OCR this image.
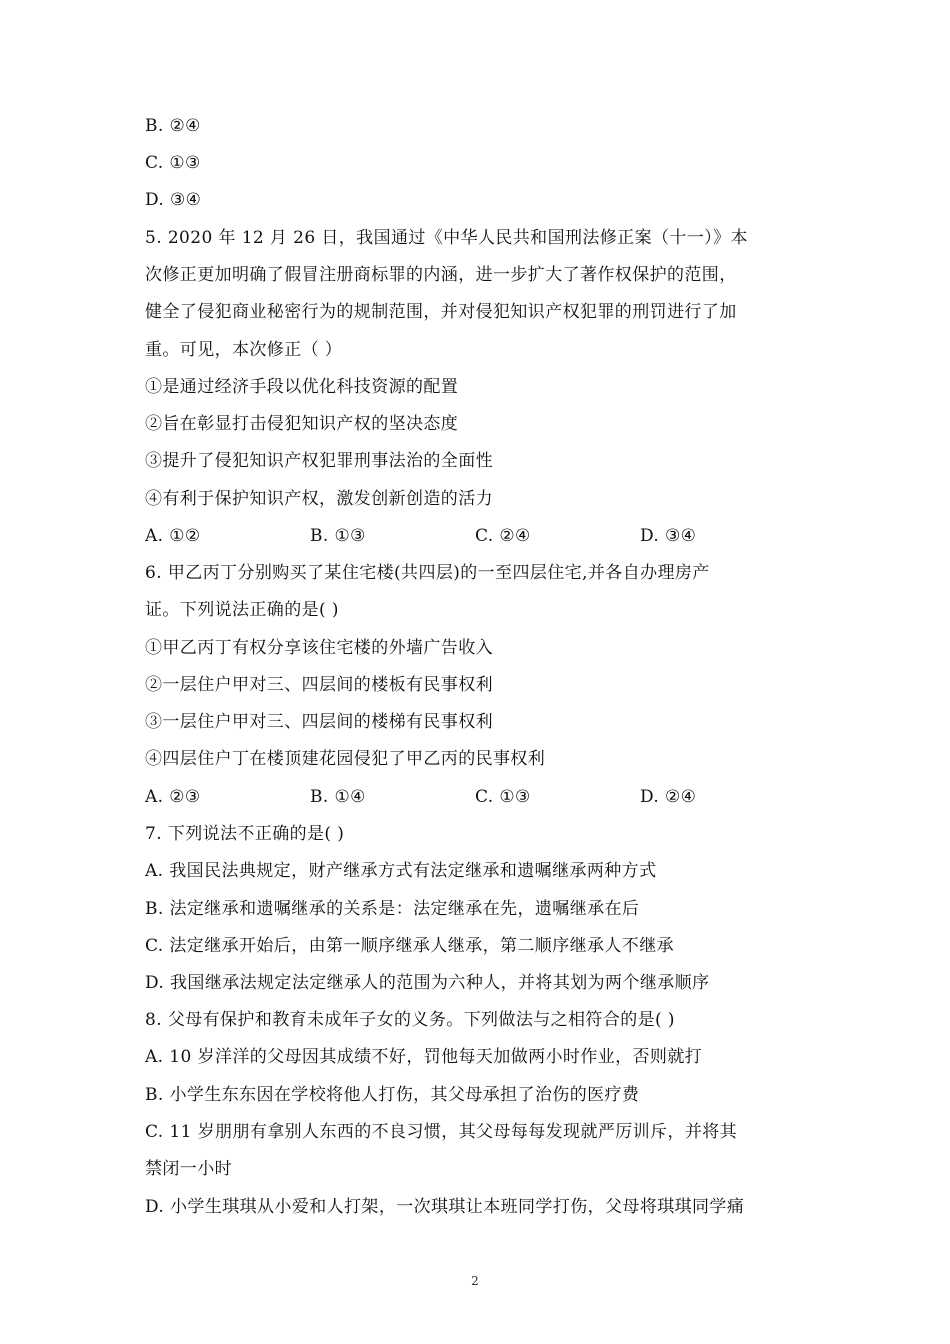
B. ②④
C. ①③
D. ③④
5. 2020 年 12 月 26 日，我国通过《中华人民共和国刑法修正案（十一）》本
次修正更加明确了假冒注册商标罪的内涵，进一步扩大了著作权保护的范围，
健全了侵犯商业秘密行为的规制范围，并对侵犯知识产权犯罪的刑罚进行了加
重。可见，本次修正（ ）
①是通过经济手段以优化科技资源的配置
②旨在彰显打击侵犯知识产权的坚决态度
③提升了侵犯知识产权犯罪刑事法治的全面性
④有利于保护知识产权，激发创新创造的活力
A. ①②	B. ①③	C. ②④	D. ③④
6. 甲乙丙丁分别购买了某住宅楼(共四层)的一至四层住宅,并各自办理房产
证。下列说法正确的是( )
①甲乙丙丁有权分享该住宅楼的外墙广告收入
②一层住户甲对三、四层间的楼板有民事权利
③一层住户甲对三、四层间的楼梯有民事权利
④四层住户丁在楼顶建花园侵犯了甲乙丙的民事权利
A. ②③	B. ①④	C. ①③	D. ②④
7. 下列说法不正确的是( )
A. 我国民法典规定，财产继承方式有法定继承和遗嘱继承两种方式
B. 法定继承和遗嘱继承的关系是：法定继承在先，遗嘱继承在后
C. 法定继承开始后，由第一顺序继承人继承，第二顺序继承人不继承
D. 我国继承法规定法定继承人的范围为六种人，并将其划为两个继承顺序
8. 父母有保护和教育未成年子女的义务。下列做法与之相符合的是( )
A. 10 岁洋洋的父母因其成绩不好，罚他每天加做两小时作业，否则就打
B. 小学生东东因在学校将他人打伤，其父母承担了治伤的医疗费
C. 11 岁朋朋有拿别人东西的不良习惯，其父母每每发现就严厉训斥，并将其
禁闭一小时
D. 小学生琪琪从小爱和人打架，一次琪琪让本班同学打伤，父母将琪琪同学痛
2
